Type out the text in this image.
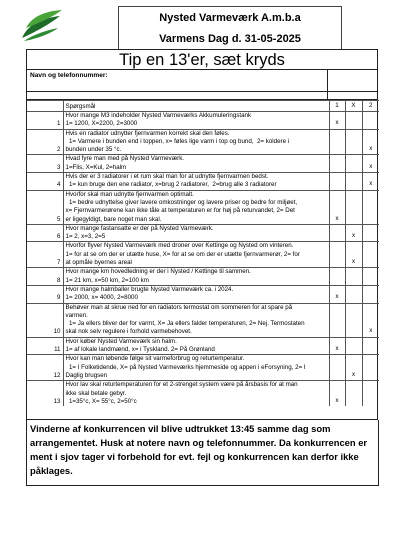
Nysted Varmeværk A.m.b.a
Varmens Dag d. 31-05-2025
Tip en 13'er, sæt kryds
Navn og telefonnummer:
	Spørgsmål	1	X	2
1	Hvor mange M3 indeholder Nysted Varmeværks Akkumuleringstank
1= 1200, X=2200, 2=3000	x		
2	Hvis en radiator udnytter fjernvarmen korrekt skal den føles.
1= Varmere i bunden end i toppen, x= føles lige varm i top og bund,  2= koldere i
bunden under 35 °c.			x
3	Hvad fyre man med på Nysted Varmeværk.
1=Flis, X=Kul, 2=halm			x
4	Hvis der er 3 radiatorer i et rum skal man for at udnytte fjernvarmen bedst.
1= kun bruge den ene radiator, x=brug 2 radiatorer,  2=brug alle 3 radiatorer			x
5	Hvorfor skal man udnytte fjernvarmen optimalt.
1= bedre udnyttelse giver lavere omkostninger og lavere priser og bedre for miljøet,
x= Fjernvarmerørene kan ikke tåle at temperaturen er for høj på returvandet, 2= Det
er ligegyldigt, bare noget man skal.	x		
6	Hvor mange fastansatte er der på Nysted Varmeværk.
1= 2, x=3, 2=5		x	
7	Hvorfor flyver Nysted Varmeværk med droner over Kettinge og Nysted om vinteren.
1= for at se om der er utætte huse, X= for at se om der er utætte fjernvarmerør, 2= for
at opmåle byernes areal		x	
8	Hvor mange km hovedledning er der i Nysted / Kettinge til sammen.
1= 21 km, x=50 km, 2=100 km			

9	Hvor mange halmballer brugte Nysted Varmeværk ca. i 2024.
1= 2000, x= 4000, 2=8000	x		
10	Behøver man at skrue ned for en radiators termostat om sommeren for at spare på
varmen.
1= Ja ellers bliver der for varmt, X= Ja ellers falder temperaturen, 2= Nej. Termostaten
skal nok selv regulere i forhold varmebehovet.			x
11	Hvor køber Nysted Varmeværk sin halm.
1= af lokale landmænd, x= i Tyskland. 2= På Grønland	x		
12	Hvor kan man løbende følge sit varmeforbrug og returtemperatur.
1= I Folketidende, X= på Nysted Varmeværks hjemmeside og appen i eForsyning, 2= I
Daglig brugsen		x	
13	Hvor lav skal returtemperaturen for et 2-strenget system være på årsbasis for at man
ikke skal betale gebyr.
1=35°c, X= 55°c, 2=50°c	x		
Vinderne af konkurrencen vil blive udtrukket 13:45 samme dag som arrangementet. Husk at notere navn og telefonnummer. Da konkurrencen er ment i sjov tager vi forbehold for evt. fejl og konkurrencen kan derfor ikke påklages.
